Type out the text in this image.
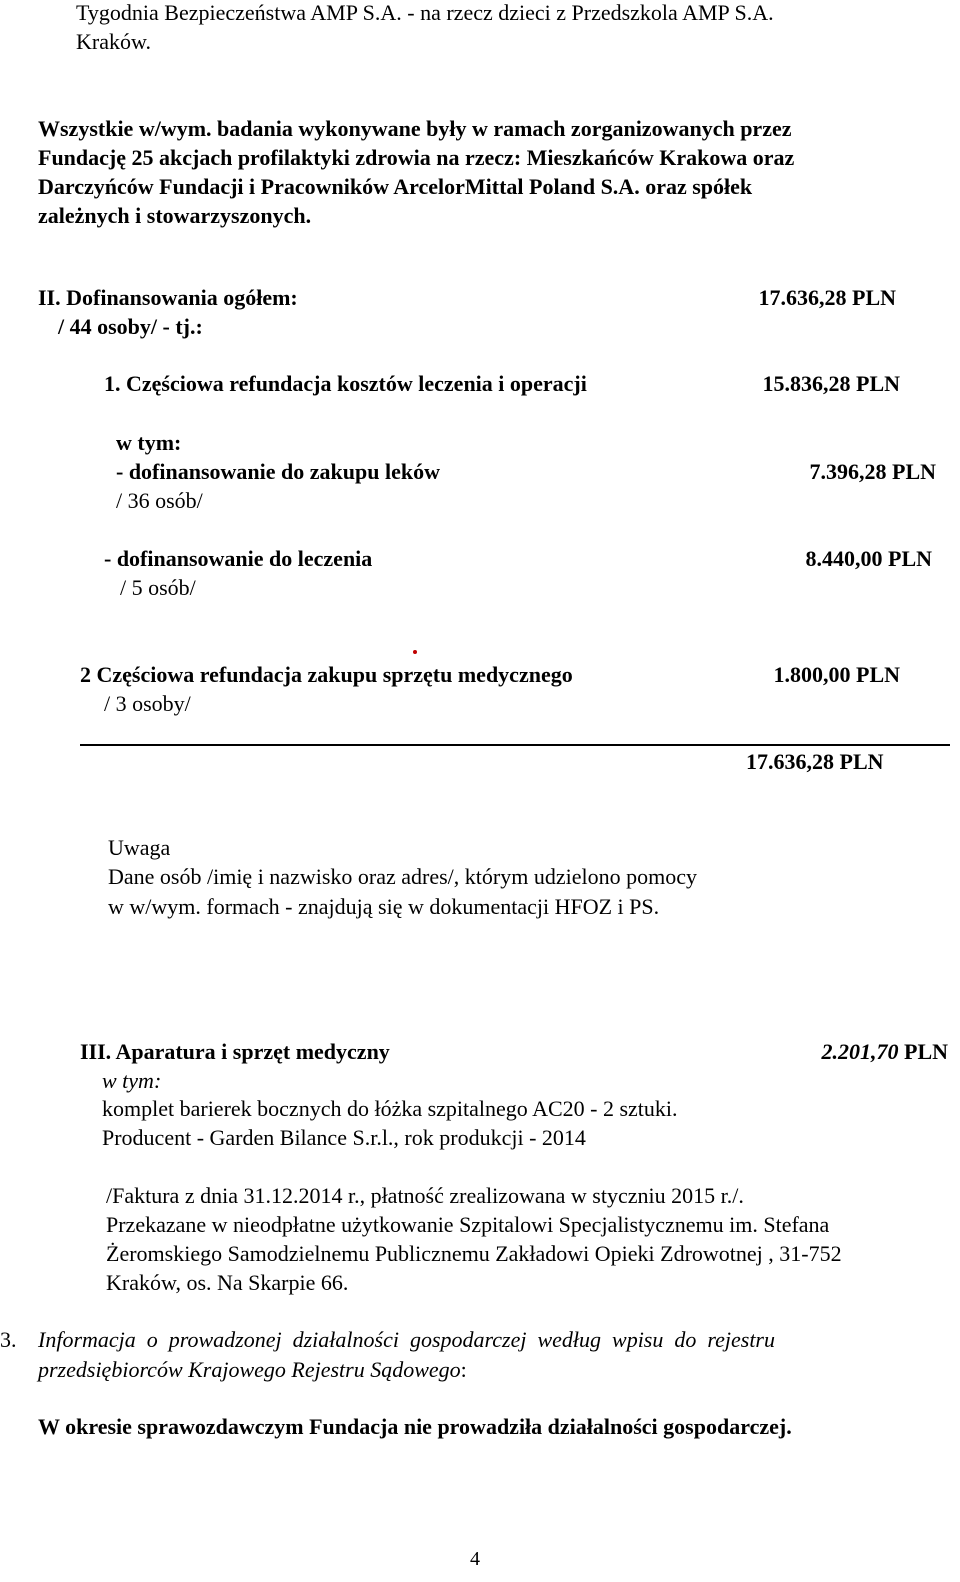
Tygodnia Bezpieczeństwa AMP S.A. - na rzecz dzieci z Przedszkola AMP S.A.
Kraków.
Wszystkie w/wym. badania wykonywane były w ramach zorganizowanych przez
Fundację 25 akcjach profilaktyki zdrowia na rzecz: Mieszkańców Krakowa oraz
Darczyńców Fundacji i Pracowników ArcelorMittal Poland S.A. oraz spółek
zależnych i stowarzyszonych.
II. Dofinansowania ogółem:	17.636,28 PLN
/ 44 osoby/ - tj.:
1. Częściowa refundacja kosztów leczenia i operacji	15.836,28 PLN
w tym:
- dofinansowanie do zakupu leków	7.396,28 PLN
/ 36 osób/
- dofinansowanie do leczenia	8.440,00 PLN
/ 5 osób/
2 Częściowa refundacja zakupu sprzętu medycznego	1.800,00 PLN
/ 3 osoby/
17.636,28 PLN
Uwaga
Dane osób /imię i nazwisko oraz adres/, którym udzielono pomocy
w w/wym. formach - znajdują się w dokumentacji HFOZ i PS.
III. Aparatura i sprzęt medyczny	2.201,70 PLN
w tym:
komplet barierek bocznych do łóżka szpitalnego AC20 - 2 sztuki.
Producent - Garden Bilance S.r.l., rok produkcji - 2014
/Faktura z dnia 31.12.2014 r., płatność zrealizowana w styczniu 2015 r./.
Przekazane w nieodpłatne użytkowanie Szpitalowi Specjalistycznemu im. Stefana
Żeromskiego Samodzielnemu Publicznemu Zakładowi Opieki Zdrowotnej , 31-752
Kraków, os. Na Skarpie 66.
3. Informacja  o  prowadzonej  działalności  gospodarczej  według  wpisu  do  rejestru
przedsiębiorców Krajowego Rejestru Sądowego:
W okresie sprawozdawczym Fundacja nie prowadziła działalności gospodarczej.
4
